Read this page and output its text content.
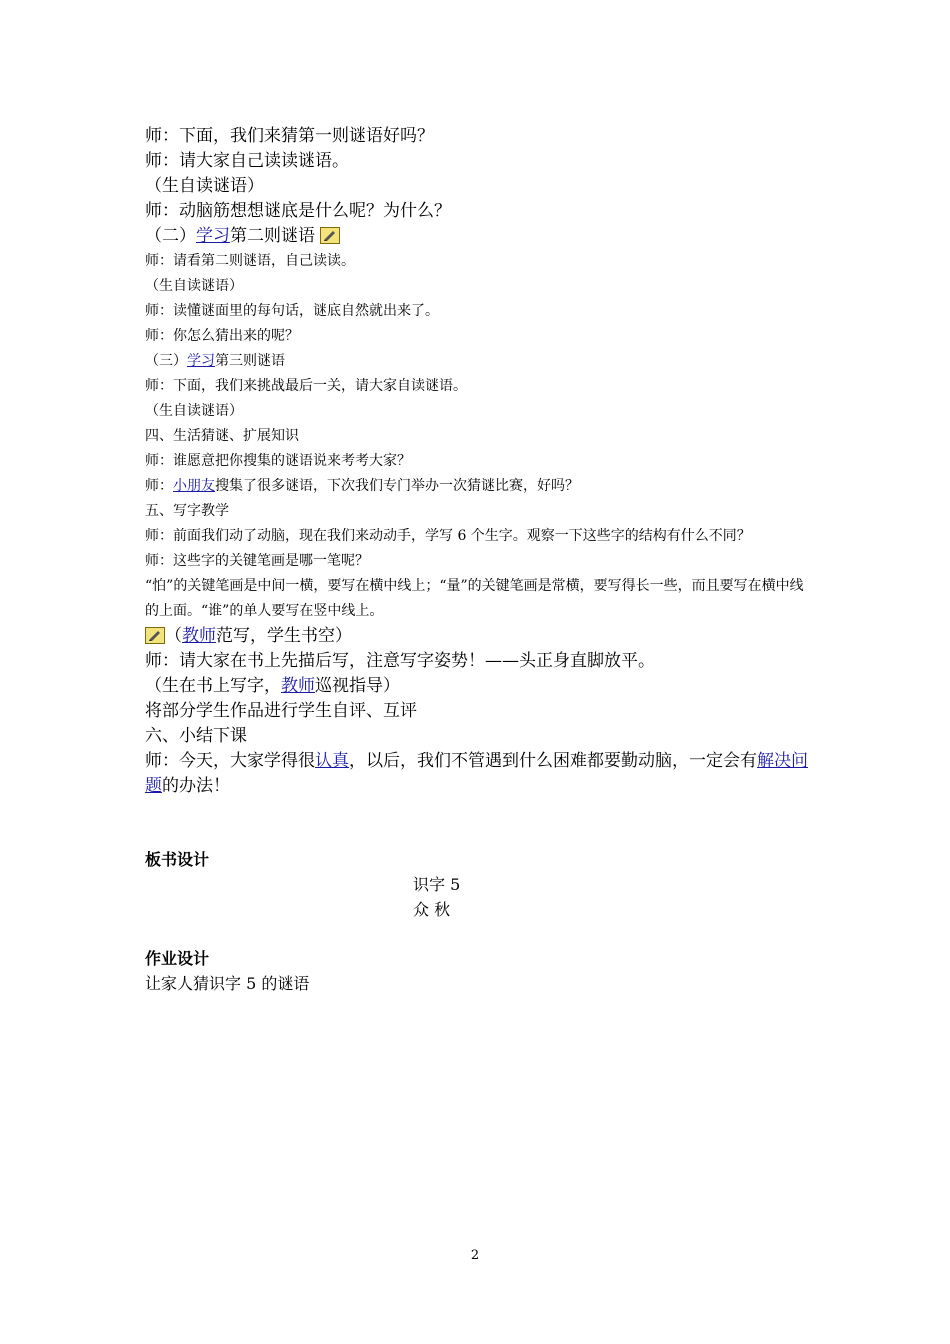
师：下面，我们来猜第一则谜语好吗？
师：请大家自己读读谜语。
（生自读谜语）
师：动脑筋想想谜底是什么呢？为什么？
（二）学习第二则谜语
师：请看第二则谜语，自己读读。
（生自读谜语）
师：读懂谜面里的每句话，谜底自然就出来了。
师：你怎么猜出来的呢？
（三）学习第三则谜语
师：下面，我们来挑战最后一关，请大家自读谜语。
（生自读谜语）
四、生活猜谜、扩展知识
师：谁愿意把你搜集的谜语说来考考大家？
师：小朋友搜集了很多谜语，下次我们专门举办一次猜谜比赛，好吗？
五、写字教学
师：前面我们动了动脑，现在我们来动动手，学写 6 个生字。观察一下这些字的结构有什么不同？
师：这些字的关键笔画是哪一笔呢？
“怕”的关键笔画是中间一横，要写在横中线上；“量”的关键笔画是常横，要写得长一些，而且要写在横中线的上面。“谁”的单人要写在竖中线上。
（教师范写，学生书空）
师：请大家在书上先描后写，注意写字姿势！——头正身直脚放平。
（生在书上写字，教师巡视指导）
将部分学生作品进行学生自评、互评
六、小结下课
师：今天，大家学得很认真，以后，我们不管遇到什么困难都要勤动脑，一定会有解决问题的办法！
板书设计
识字 5
众 秋
作业设计
让家人猜识字 5 的谜语
2
